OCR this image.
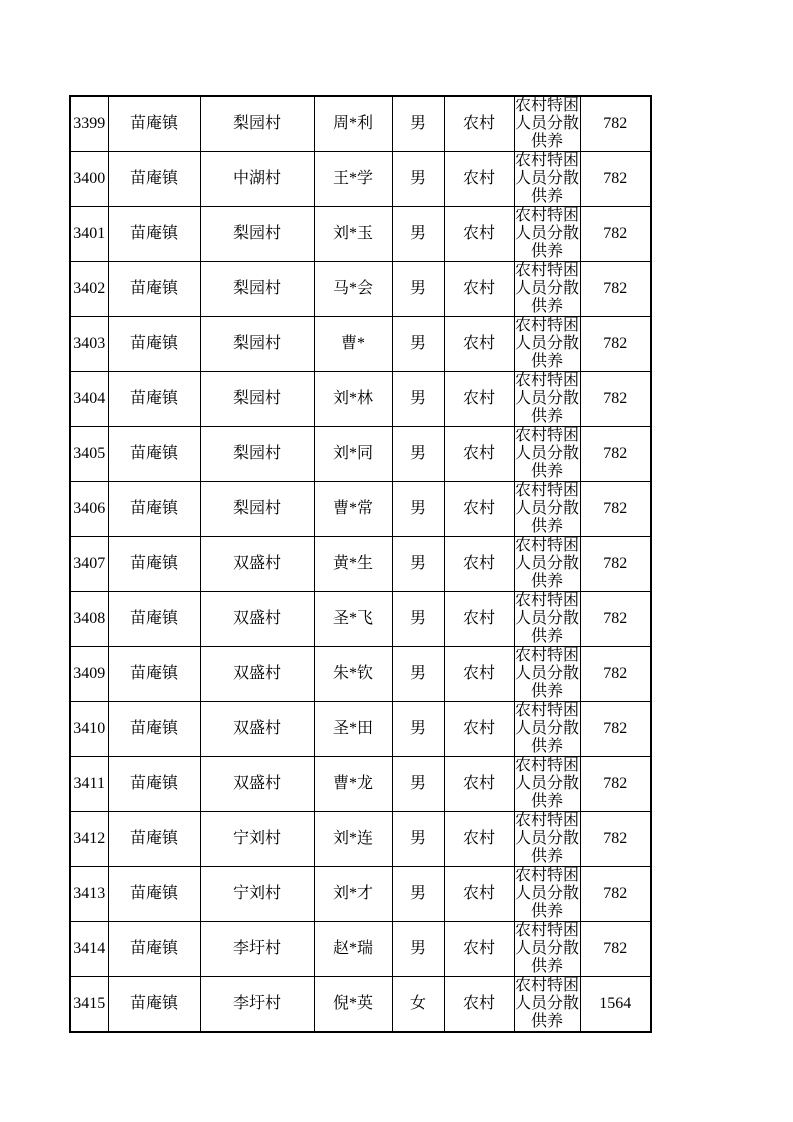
3399	苗庵镇	梨园村	周*利	男	农村	农村特困人员分散供养	782
3400	苗庵镇	中湖村	王*学	男	农村	农村特困人员分散供养	782
3401	苗庵镇	梨园村	刘*玉	男	农村	农村特困人员分散供养	782
3402	苗庵镇	梨园村	马*会	男	农村	农村特困人员分散供养	782
3403	苗庵镇	梨园村	曹*	男	农村	农村特困人员分散供养	782
3404	苗庵镇	梨园村	刘*林	男	农村	农村特困人员分散供养	782
3405	苗庵镇	梨园村	刘*同	男	农村	农村特困人员分散供养	782
3406	苗庵镇	梨园村	曹*常	男	农村	农村特困人员分散供养	782
3407	苗庵镇	双盛村	黄*生	男	农村	农村特困人员分散供养	782
3408	苗庵镇	双盛村	圣*飞	男	农村	农村特困人员分散供养	782
3409	苗庵镇	双盛村	朱*钦	男	农村	农村特困人员分散供养	782
3410	苗庵镇	双盛村	圣*田	男	农村	农村特困人员分散供养	782
3411	苗庵镇	双盛村	曹*龙	男	农村	农村特困人员分散供养	782
3412	苗庵镇	宁刘村	刘*连	男	农村	农村特困人员分散供养	782
3413	苗庵镇	宁刘村	刘*才	男	农村	农村特困人员分散供养	782
3414	苗庵镇	李圩村	赵*瑞	男	农村	农村特困人员分散供养	782
3415	苗庵镇	李圩村	倪*英	女	农村	农村特困人员分散供养	1564
